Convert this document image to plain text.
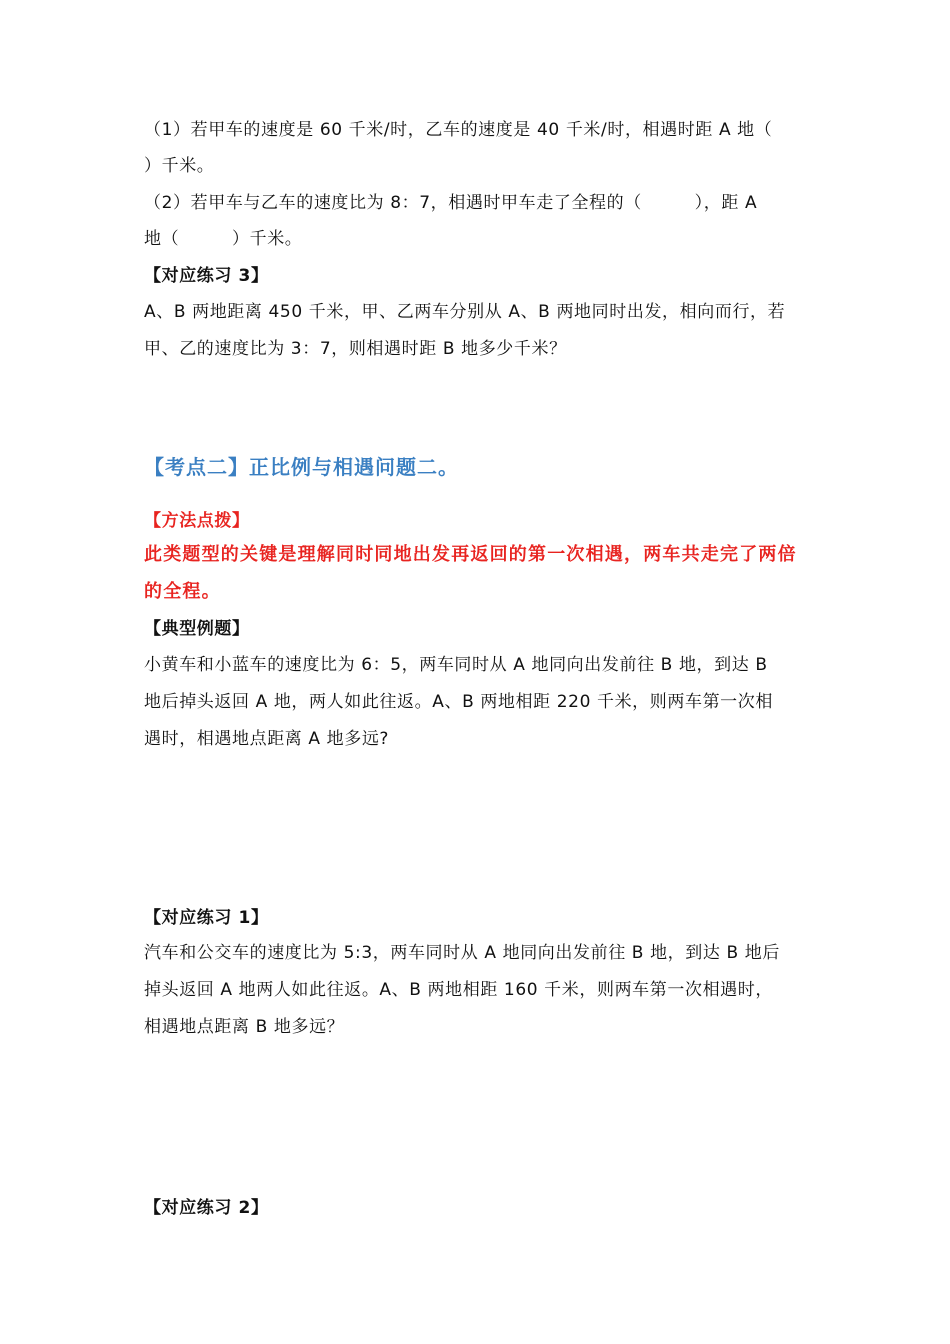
（1）若甲车的速度是 60 千米/时，乙车的速度是 40 千米/时，相遇时距 A 地（
）千米。
（2）若甲车与乙车的速度比为 8：7，相遇时甲车走了全程的（　　　），距 A
地（　　　）千米。
【对应练习 3】
A、B 两地距离 450 千米，甲、乙两车分别从 A、B 两地同时出发，相向而行，若
甲、乙的速度比为 3：7，则相遇时距 B 地多少千米？
【考点二】正比例与相遇问题二。
【方法点拨】
此类题型的关键是理解同时同地出发再返回的第一次相遇，两车共走完了两倍
的全程。
【典型例题】
小黄车和小蓝车的速度比为 6：5，两车同时从 A 地同向出发前往 B 地，到达 B
地后掉头返回 A 地，两人如此往返。A、B 两地相距 220 千米，则两车第一次相
遇时，相遇地点距离 A 地多远?
【对应练习 1】
汽车和公交车的速度比为 5:3，两车同时从 A 地同向出发前往 B 地，到达 B 地后
掉头返回 A 地两人如此往返。A、B 两地相距 160 千米，则两车第一次相遇时，
相遇地点距离 B 地多远？
【对应练习 2】
